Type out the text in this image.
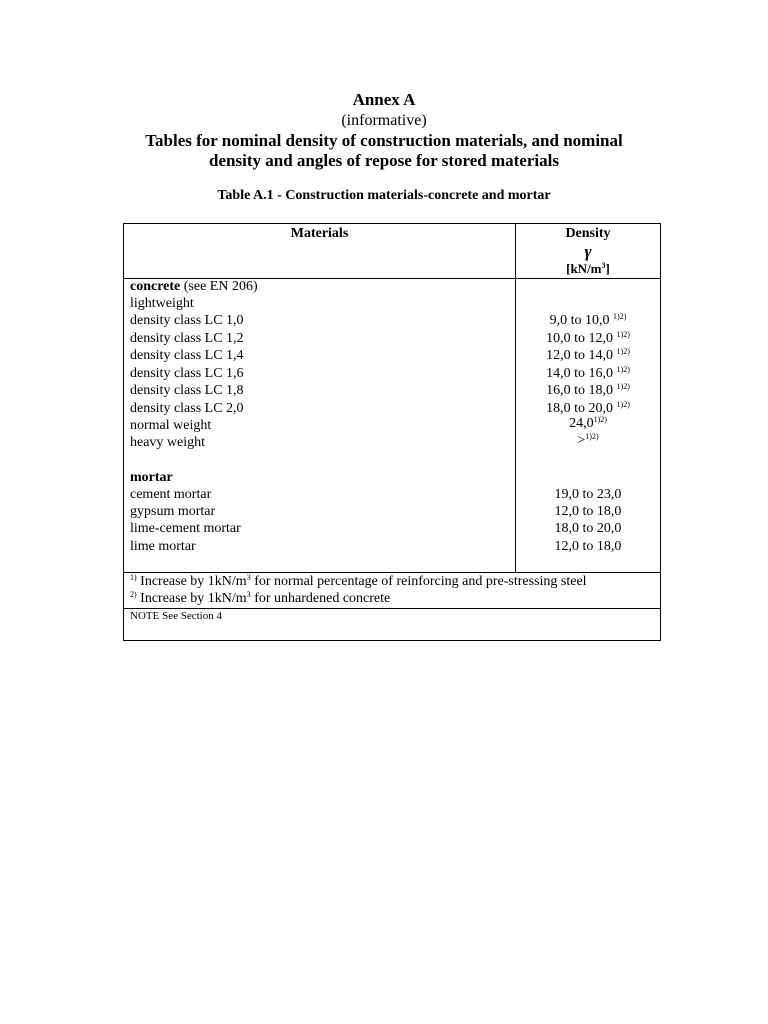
Annex A
(informative)
Tables for nominal density of construction materials, and nominal
density and angles of repose for stored materials
Table A.1 - Construction materials-concrete and mortar
Materials	Density
γ
$[kN/m^3]$
concrete (see EN 206)
lightweight
density class LC 1,0	9,0 to 10,0 $^{1)2)}$
density class LC 1,2	10,0 to 12,0 $^{1)2)}$
density class LC 1,4	12,0 to 14,0 $^{1)2)}$
density class LC 1,6	14,0 to 16,0 $^{1)2)}$
density class LC 1,8	16,0 to 18,0 $^{1)2)}$
density class LC 2,0	18,0 to 20,0 $^{1)2)}$
normal weight	$24,0^{1)2)}$
heavy weight	>$^{1)2)}$
mortar
cement mortar	19,0 to 23,0
gypsum mortar	12,0 to 18,0
lime-cement mortar	18,0 to 20,0
lime mortar	12,0 to 18,0
$^{1)}$ Increase by $1kN/m^3$ for normal percentage of reinforcing and pre-stressing steel
$^{2)}$ Increase by $1kN/m^3$ for unhardened concrete
NOTE See Section 4
